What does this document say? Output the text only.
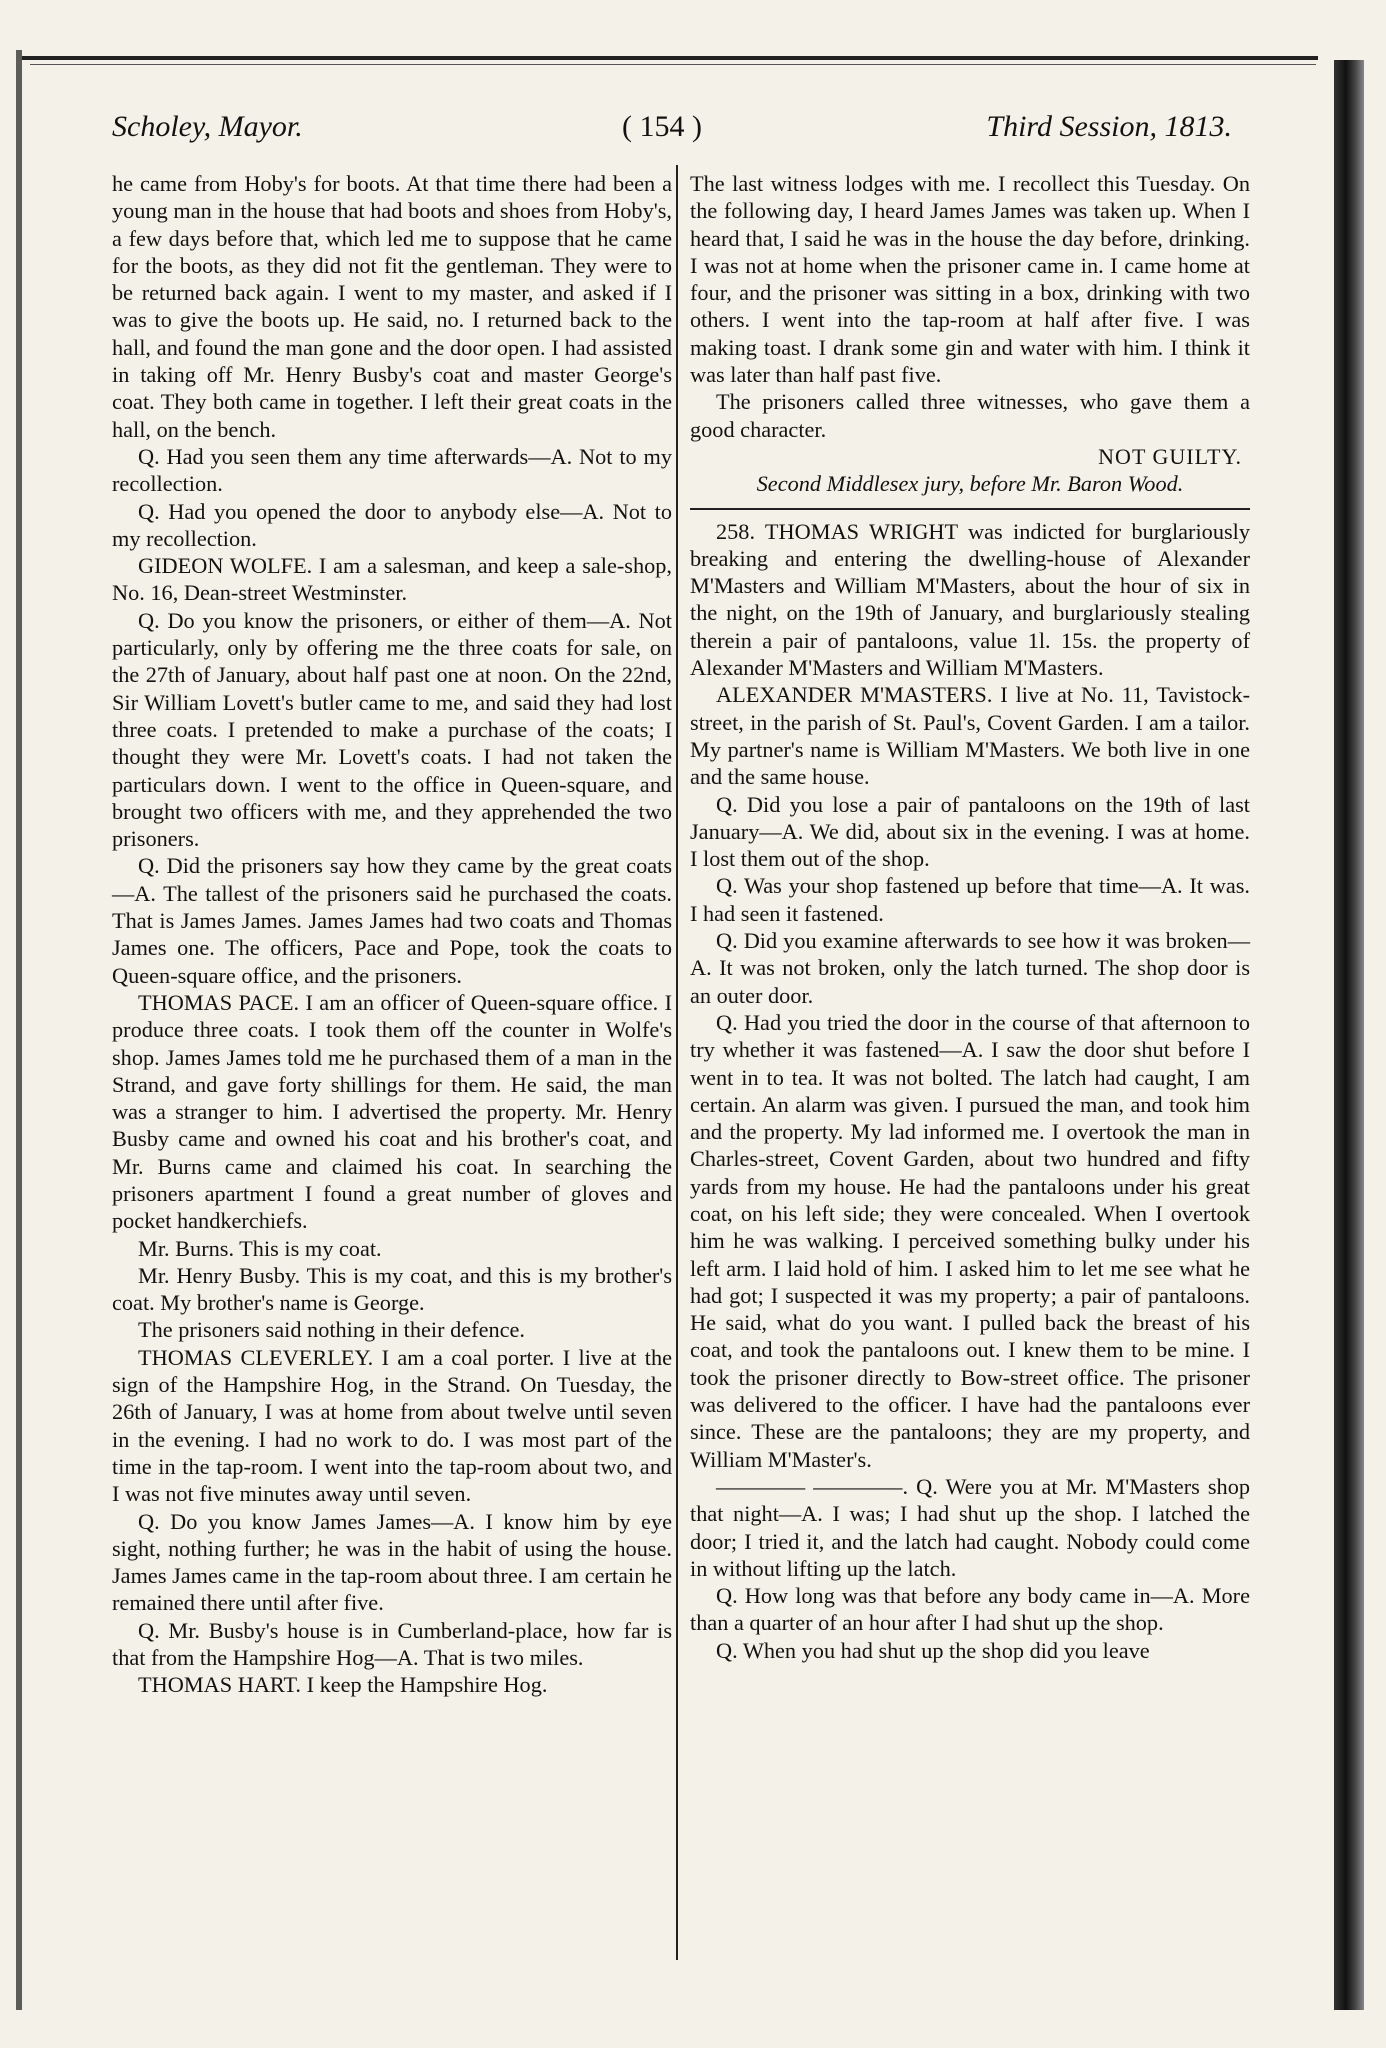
Scholey, Mayor.	( 154 )	Third Session, 1813.

he came from Hoby's for boots. At that time there had been a young man in the house that had boots and shoes from Hoby's, a few days before that, which led me to suppose that he came for the boots, as they did not fit the gentleman. They were to be returned back again. I went to my master, and asked if I was to give the boots up. He said, no. I returned back to the hall, and found the man gone and the door open. I had assisted in taking off Mr. Henry Busby's coat and master George's coat. They both came in together. I left their great coats in the hall, on the bench.

Q. Had you seen them any time afterwards—A. Not to my recollection.

Q. Had you opened the door to anybody else—A. Not to my recollection.

GIDEON WOLFE. I am a salesman, and keep a sale-shop, No. 16, Dean-street Westminster.

Q. Do you know the prisoners, or either of them—A. Not particularly, only by offering me the three coats for sale, on the 27th of January, about half past one at noon. On the 22nd, Sir William Lovett's butler came to me, and said they had lost three coats. I pretended to make a purchase of the coats; I thought they were Mr. Lovett's coats. I had not taken the particulars down. I went to the office in Queen-square, and brought two officers with me, and they apprehended the two prisoners.

Q. Did the prisoners say how they came by the great coats—A. The tallest of the prisoners said he purchased the coats. That is James James. James James had two coats and Thomas James one. The officers, Pace and Pope, took the coats to Queen-square office, and the prisoners.

THOMAS PACE. I am an officer of Queen-square office. I produce three coats. I took them off the counter in Wolfe's shop. James James told me he purchased them of a man in the Strand, and gave forty shillings for them. He said, the man was a stranger to him. I advertised the property. Mr. Henry Busby came and owned his coat and his brother's coat, and Mr. Burns came and claimed his coat. In searching the prisoners apartment I found a great number of gloves and pocket handkerchiefs.

Mr. Burns. This is my coat.

Mr. Henry Busby. This is my coat, and this is my brother's coat. My brother's name is George.

The prisoners said nothing in their defence.

THOMAS CLEVERLEY. I am a coal porter. I live at the sign of the Hampshire Hog, in the Strand. On Tuesday, the 26th of January, I was at home from about twelve until seven in the evening. I had no work to do. I was most part of the time in the tap-room. I went into the tap-room about two, and I was not five minutes away until seven.

Q. Do you know James James—A. I know him by eye sight, nothing further; he was in the habit of using the house. James James came in the tap-room about three. I am certain he remained there until after five.

Q. Mr. Busby's house is in Cumberland-place, how far is that from the Hampshire Hog—A. That is two miles.

THOMAS HART. I keep the Hampshire Hog.

The last witness lodges with me. I recollect this Tuesday. On the following day, I heard James James was taken up. When I heard that, I said he was in the house the day before, drinking. I was not at home when the prisoner came in. I came home at four, and the prisoner was sitting in a box, drinking with two others. I went into the tap-room at half after five. I was making toast. I drank some gin and water with him. I think it was later than half past five.

The prisoners called three witnesses, who gave them a good character.

NOT GUILTY.

Second Middlesex jury, before Mr. Baron Wood.

258. THOMAS WRIGHT was indicted for burglariously breaking and entering the dwelling-house of Alexander M'Masters and William M'Masters, about the hour of six in the night, on the 19th of January, and burglariously stealing therein a pair of pantaloons, value 1l. 15s. the property of Alexander M'Masters and William M'Masters.

ALEXANDER M'MASTERS. I live at No. 11, Tavistock-street, in the parish of St. Paul's, Covent Garden. I am a tailor. My partner's name is William M'Masters. We both live in one and the same house.

Q. Did you lose a pair of pantaloons on the 19th of last January—A. We did, about six in the evening. I was at home. I lost them out of the shop.

Q. Was your shop fastened up before that time—A. It was. I had seen it fastened.

Q. Did you examine afterwards to see how it was broken—A. It was not broken, only the latch turned. The shop door is an outer door.

Q. Had you tried the door in the course of that afternoon to try whether it was fastened—A. I saw the door shut before I went in to tea. It was not bolted. The latch had caught, I am certain. An alarm was given. I pursued the man, and took him and the property. My lad informed me. I overtook the man in Charles-street, Covent Garden, about two hundred and fifty yards from my house. He had the pantaloons under his great coat, on his left side; they were concealed. When I overtook him he was walking. I perceived something bulky under his left arm. I laid hold of him. I asked him to let me see what he had got; I suspected it was my property; a pair of pantaloons. He said, what do you want. I pulled back the breast of his coat, and took the pantaloons out. I knew them to be mine. I took the prisoner directly to Bow-street office. The prisoner was delivered to the officer. I have had the pantaloons ever since. These are the pantaloons; they are my property, and William M'Master's.

———— ————. Q. Were you at Mr. M'Masters shop that night—A. I was; I had shut up the shop. I latched the door; I tried it, and the latch had caught. Nobody could come in without lifting up the latch.

Q. How long was that before any body came in—A. More than a quarter of an hour after I had shut up the shop.

Q. When you had shut up the shop did you leave
